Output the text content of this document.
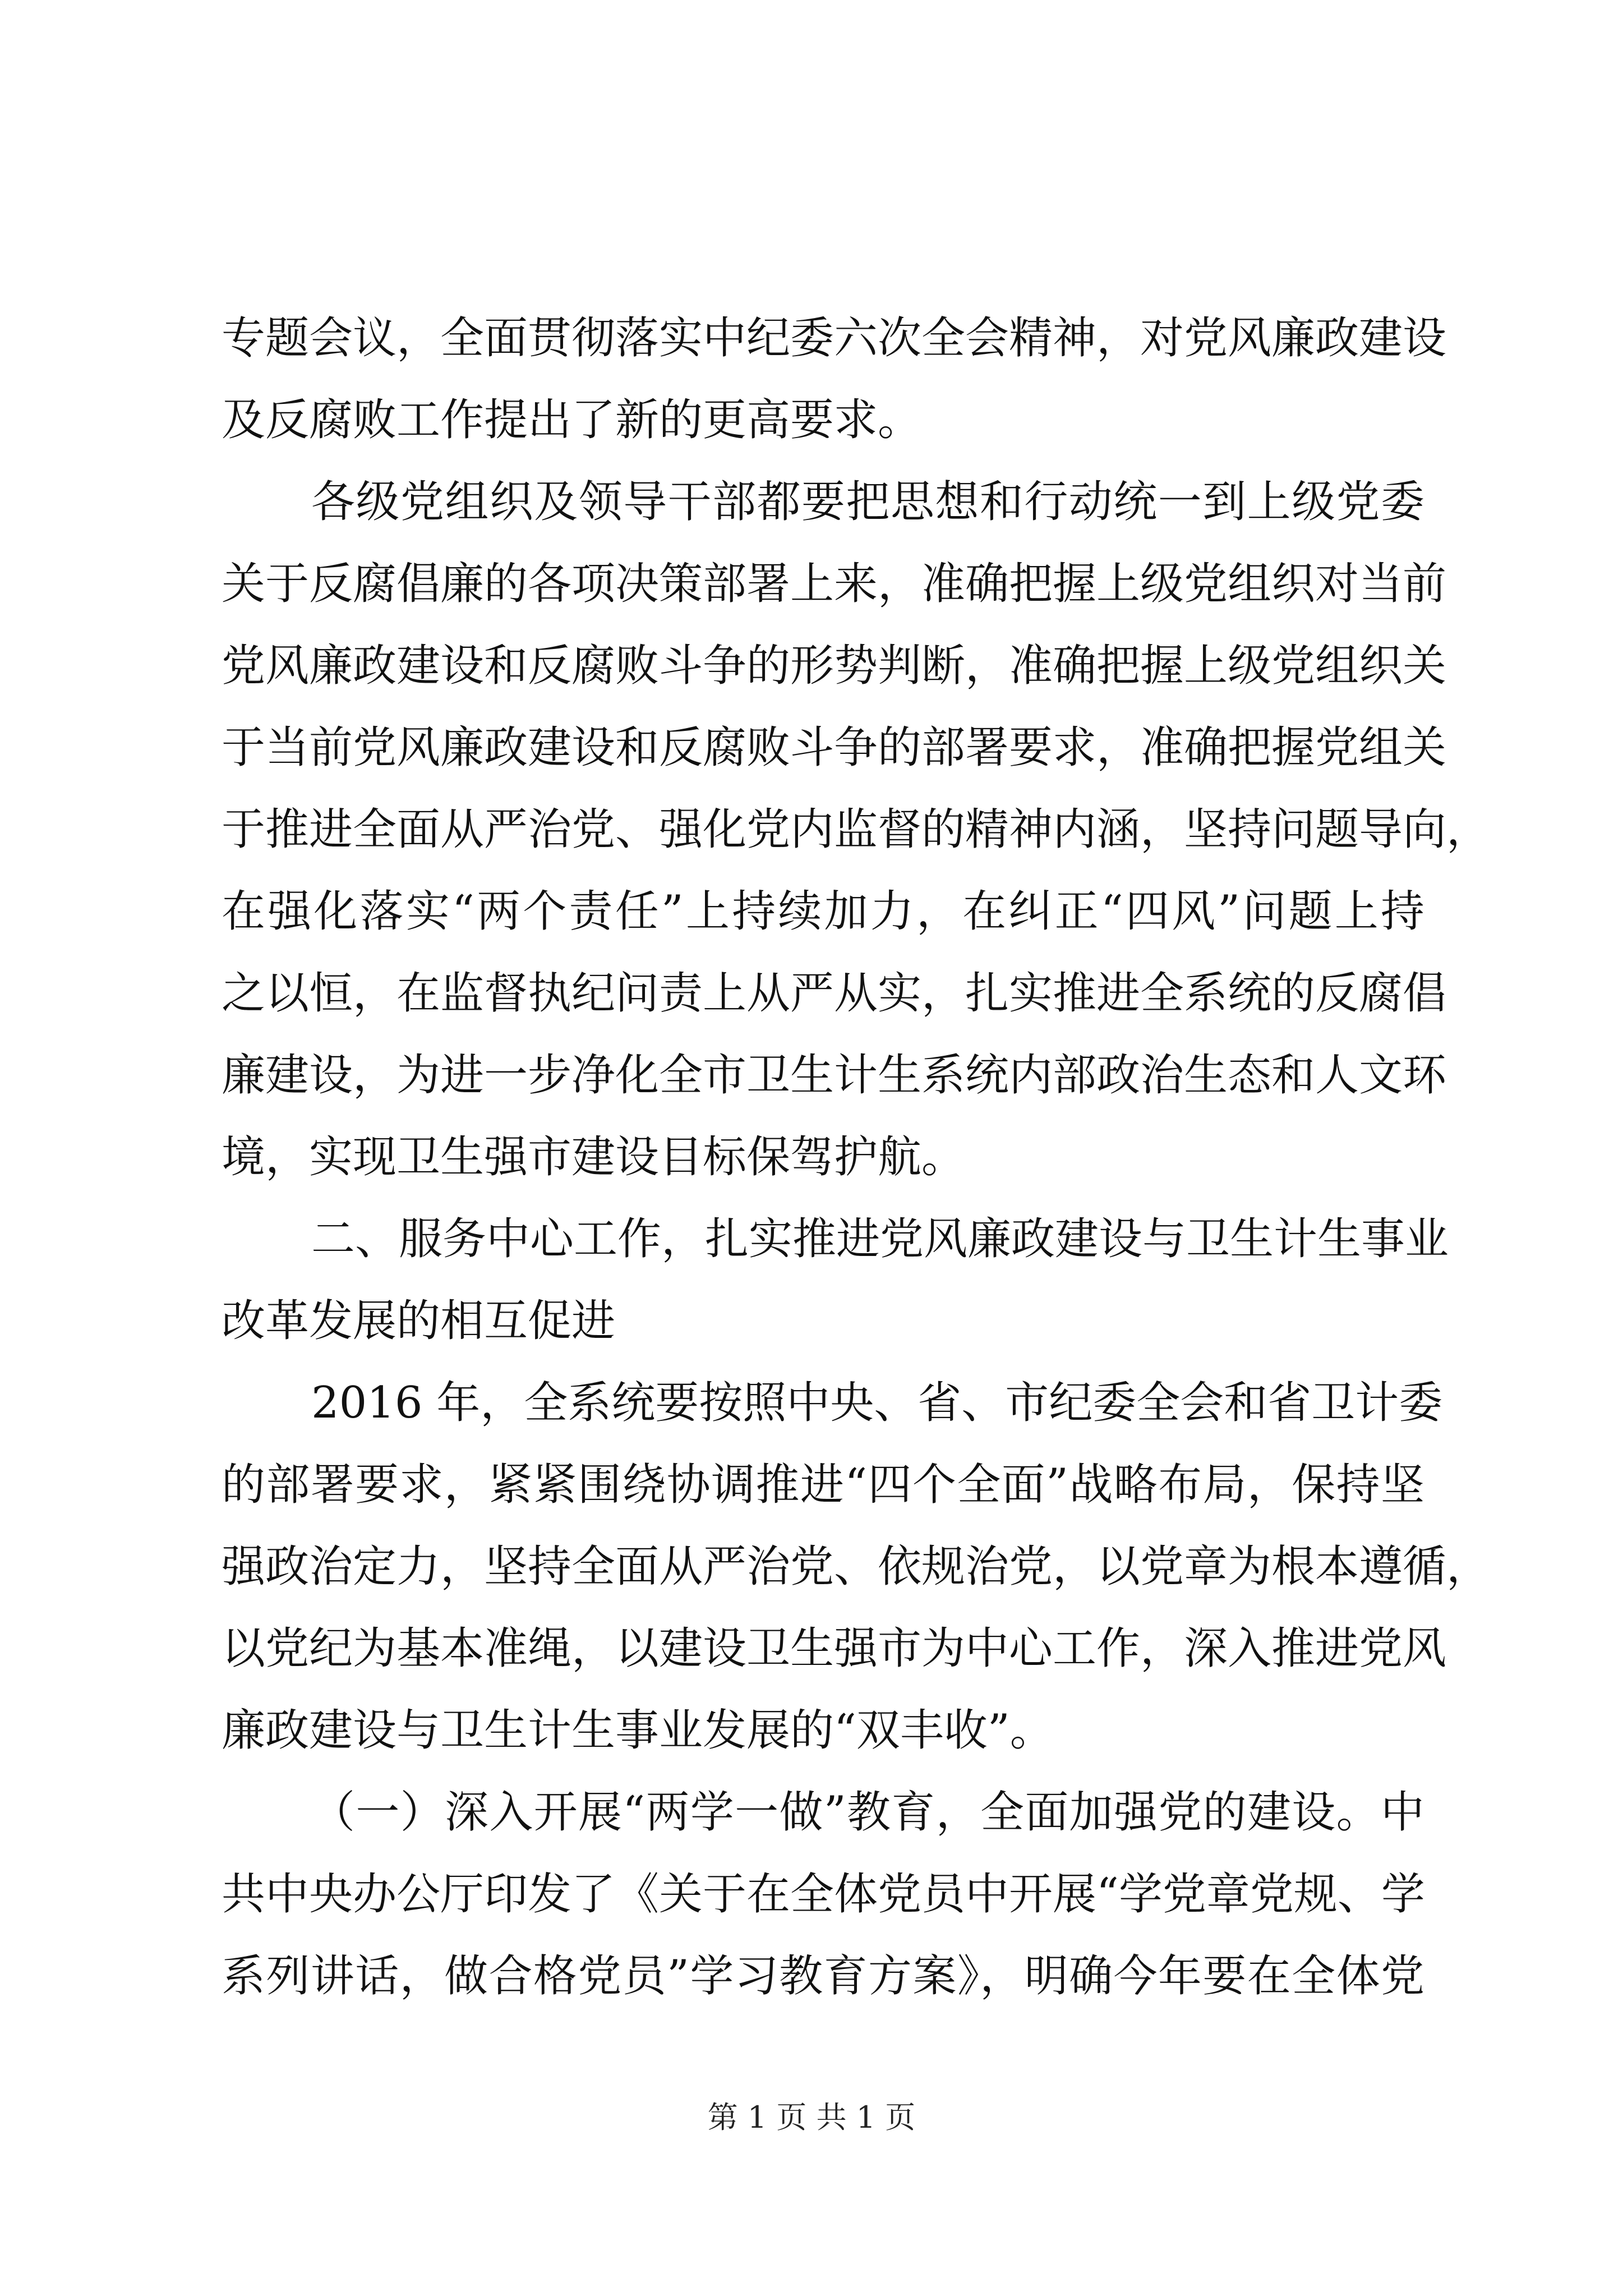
专题会议，全面贯彻落实中纪委六次全会精神，对党风廉政建设
及反腐败工作提出了新的更高要求。
各级党组织及领导干部都要把思想和行动统一到上级党委
关于反腐倡廉的各项决策部署上来，准确把握上级党组织对当前
党风廉政建设和反腐败斗争的形势判断，准确把握上级党组织关
于当前党风廉政建设和反腐败斗争的部署要求，准确把握党组关
于推进全面从严治党、强化党内监督的精神内涵，坚持问题导向，
在强化落实“两个责任”上持续加力，在纠正“四风”问题上持
之以恒，在监督执纪问责上从严从实，扎实推进全系统的反腐倡
廉建设，为进一步净化全市卫生计生系统内部政治生态和人文环
境，实现卫生强市建设目标保驾护航。
二、服务中心工作，扎实推进党风廉政建设与卫生计生事业
改革发展的相互促进
2016 年，全系统要按照中央、省、市纪委全会和省卫计委
的部署要求，紧紧围绕协调推进“四个全面”战略布局，保持坚
强政治定力，坚持全面从严治党、依规治党，以党章为根本遵循，
以党纪为基本准绳，以建设卫生强市为中心工作，深入推进党风
廉政建设与卫生计生事业发展的“双丰收”。
（一）深入开展“两学一做”教育，全面加强党的建设。中
共中央办公厅印发了《关于在全体党员中开展“学党章党规、学
系列讲话，做合格党员”学习教育方案》，明确今年要在全体党
第 1 页 共 1 页
